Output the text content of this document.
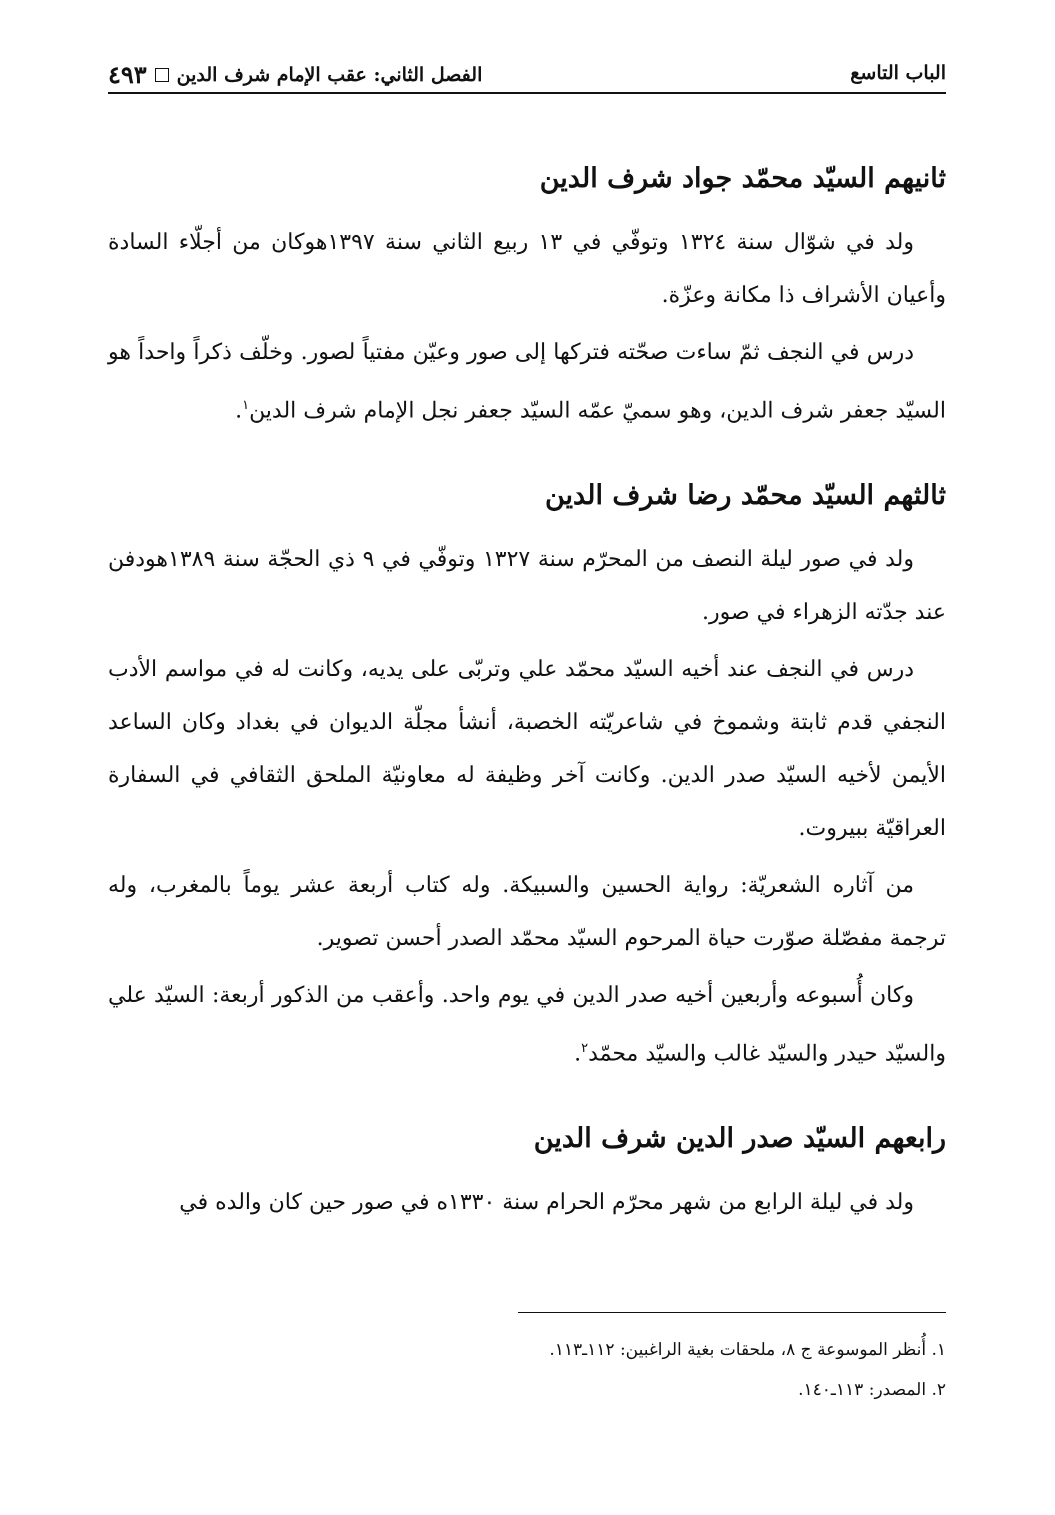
الباب التاسع
الفصل الثاني: عقب الإمام شرف الدين
٤٩٣
ثانيهم السيّد محمّد جواد شرف الدين

ولد في شوّال سنة ١٣٢٤ وتوفّي في ١٣ ربيع الثاني سنة ١٣٩٧هوكان من أجلّاء السادة وأعيان الأشراف ذا مكانة وعزّة.

درس في النجف ثمّ ساءت صحّته فتركها إلى صور وعيّن مفتياً لصور. وخلّف ذكراً واحداً هو السيّد جعفر شرف الدين، وهو سميّ عمّه السيّد جعفر نجل الإمام شرف الدين$^١$.

ثالثهم السيّد محمّد رضا شرف الدين

ولد في صور ليلة النصف من المحرّم سنة ١٣٢٧ وتوفّي في ٩ ذي الحجّة سنة ١٣٨٩هودفن عند جدّته الزهراء في صور.

درس في النجف عند أخيه السيّد محمّد علي وتربّى على يديه، وكانت له في مواسم الأدب النجفي قدم ثابتة وشموخ في شاعريّته الخصبة، أنشأ مجلّة الديوان في بغداد وكان الساعد الأيمن لأخيه السيّد صدر الدين. وكانت آخر وظيفة له معاونيّة الملحق الثقافي في السفارة العراقيّة ببيروت.

من آثاره الشعريّة: رواية الحسين والسبيكة. وله كتاب أربعة عشر يوماً بالمغرب، وله ترجمة مفصّلة صوّرت حياة المرحوم السيّد محمّد الصدر أحسن تصوير.

وكان أُسبوعه وأربعين أخيه صدر الدين في يوم واحد. وأعقب من الذكور أربعة: السيّد علي والسيّد حيدر والسيّد غالب والسيّد محمّد$^٢$.

رابعهم السيّد صدر الدين شرف الدين

ولد في ليلة الرابع من شهر محرّم الحرام سنة ١٣٣٠ه في صور حين كان والده في

١. أُنظر الموسوعة ج ٨، ملحقات بغية الراغبين: ١١٢ـ١١٣.
٢. المصدر: ١١٣ـ١٤٠.
